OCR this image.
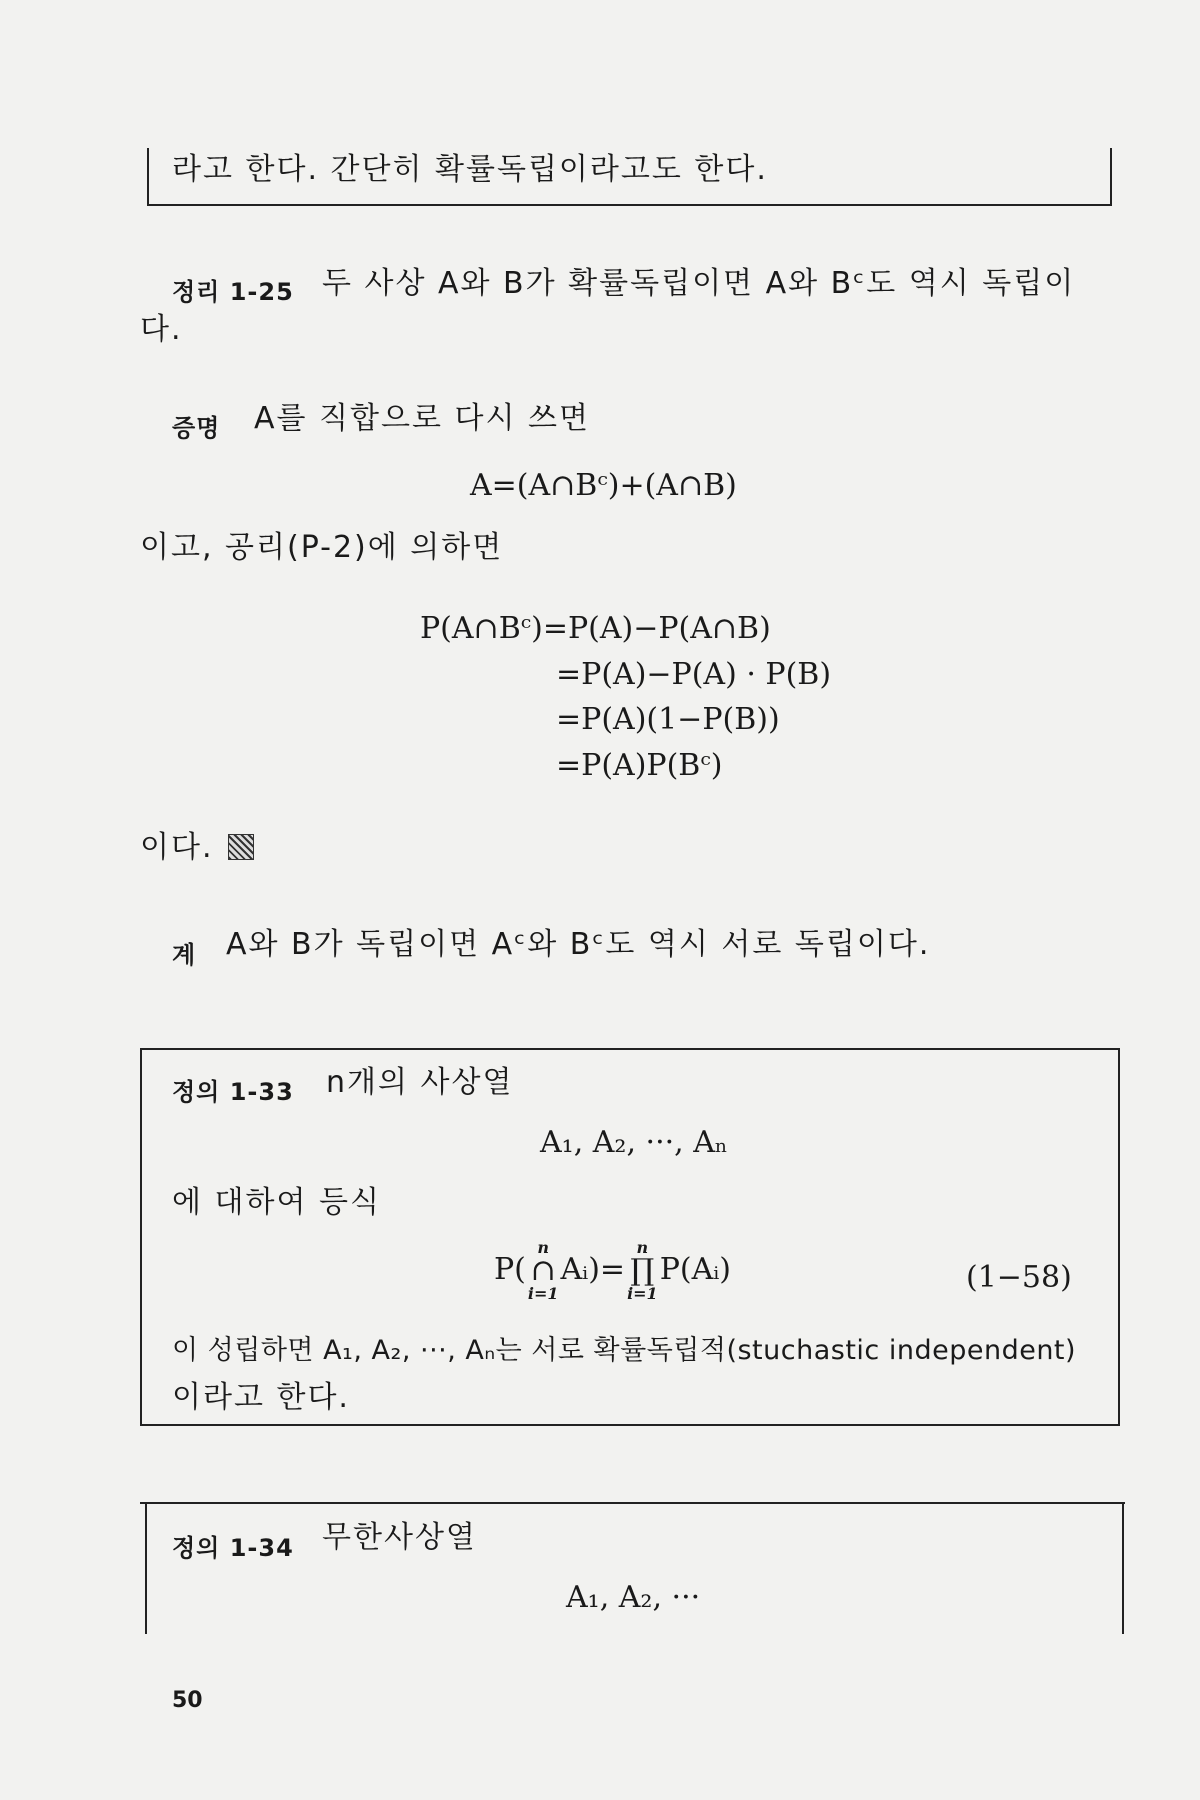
라고 한다. 간단히 확률독립이라고도 한다.
정리 1-25 두 사상 A와 B가 확률독립이면 A와 Bᶜ도 역시 독립이
다.
증명 A를 직합으로 다시 쓰면
A=(A∩Bᶜ)+(A∩B)
이고, 공리(P-2)에 의하면
P(A∩Bᶜ)=P(A)−P(A∩B)
=P(A)−P(A) · P(B)
=P(A)(1−P(B))
=P(A)P(Bᶜ)
이다.
계 A와 B가 독립이면 Aᶜ와 Bᶜ도 역시 서로 독립이다.
정의 1-33 n개의 사상열
A₁, A₂, ···, Aₙ
에 대하여 등식
P(
n
∩
i=1
Aᵢ)=
n
∏
i=1
P(Aᵢ)	(1−58)
이 성립하면 A₁, A₂, ···, Aₙ는 서로 확률독립적(stuchastic independent)
이라고 한다.
정의 1-34 무한사상열
A₁, A₂, ···
50
